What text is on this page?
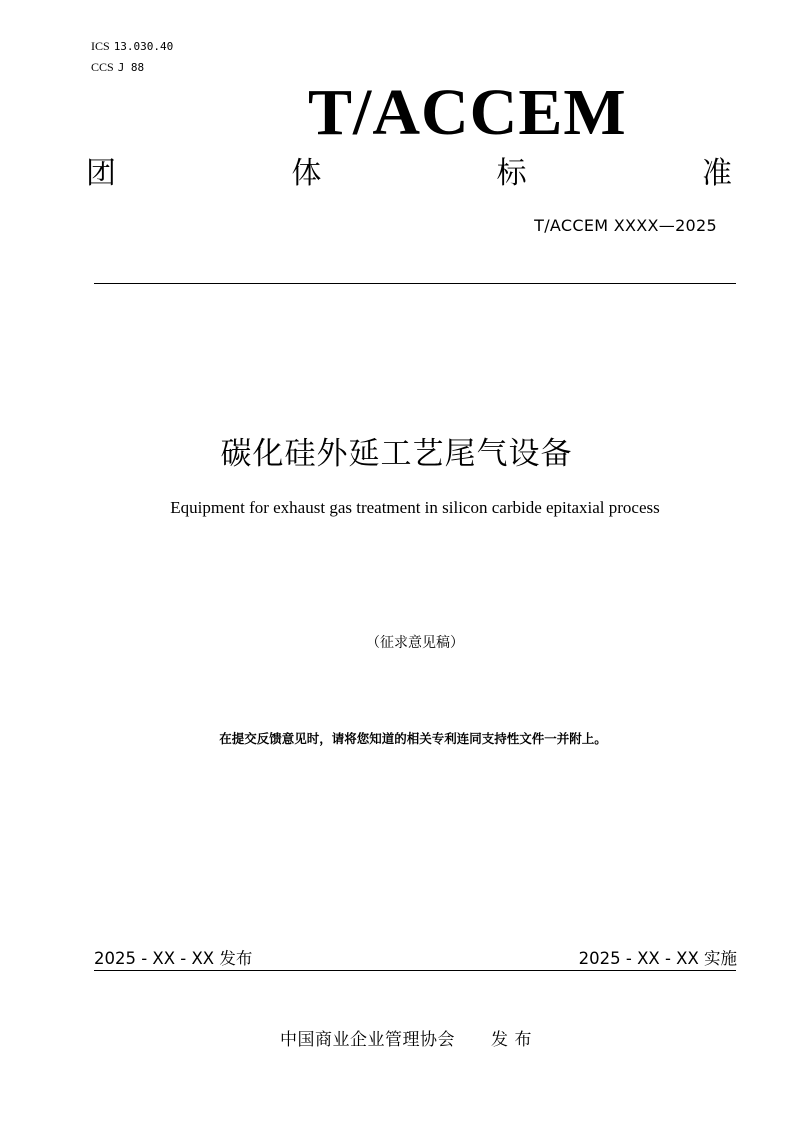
ICS 13.030.40
CCS J 88
T/ACCEM
团	体	标	准
T/ACCEM XXXX—2025
碳化硅外延工艺尾气设备
Equipment for exhaust gas treatment in silicon carbide epitaxial process
（征求意见稿）
在提交反馈意见时，请将您知道的相关专利连同支持性文件一并附上。
2025 - XX - XX 发布	2025 - XX - XX 实施
中国商业企业管理协会 发 布
